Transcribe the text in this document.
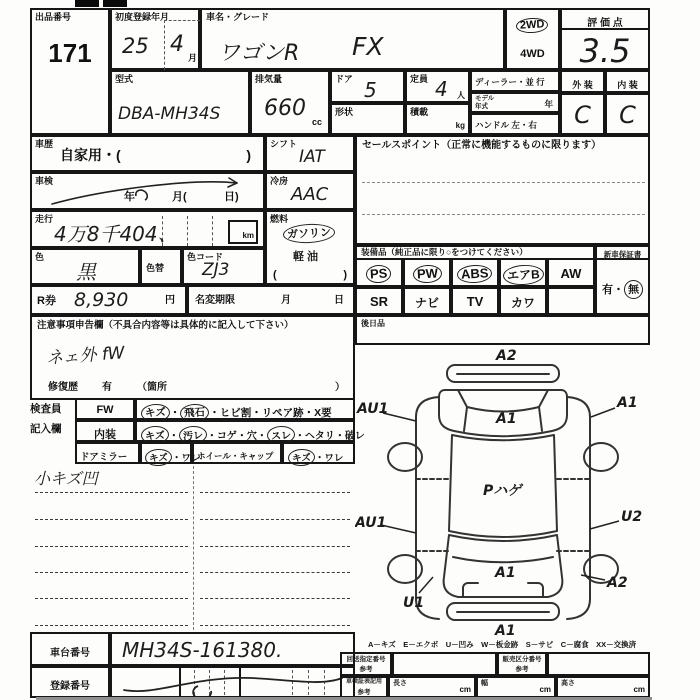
出品番号
171
初度登録年月
25 4
月
車名・グレード
ワゴンR FX
2WD
4WD
評 価 点
3.5
型式
DBA-MH34S
排気量
660
cc
ドア 5	定員 4 人
形状	積載
kg
ディーラー・並 行
モデル
年式	年
ハンドル 左・右
外 装	内 装
C	C
車歴
自家用・(	)
シフト
IAT
車検
年	月(	日)
冷房
AAC
走行
4万8千404、	km
燃料
ガソリン
軽 油
(	)
色
黒	色替
色コード
ZJ3
R券 8,930	円 名変期限	月	日
注意事項申告欄（不具合内容等は具体的に記入して下さい）
ネェ外 fW
修復歴 有	（箇所	）
検査員
記入欄
FW	キズ ・ 飛石 ・ヒビ割・リペア跡・X要
内装	キズ ・ 汚レ ・コゲ・穴・ スレ ・ヘタリ・破レ
ドアミラー	キズ ・ワレ
ホイール・キャップ	キズ ・ワレ
小キズ凹
車台番号	MH34S-161380.
登録番号
セールスポイント（正常に機能するものに限ります）
装備品（純正品に限り○をつけてください）	新車保証書
PS	PW	ABS	エアB	AW
SR	ナビ	TV	カワ
有・ 無
後日品
A2
A1
AU1	A1
Pハゲ
AU1	U2
U1
A2
A1
A1
A－キズ　E－エクボ　U－凹み　W－板金跡　S－サビ　C－腐食　XX－交換済
回送指定番号
参考
販売区分番号
参考
車検証表記用
参考
長さ
cm
幅
cm
高さ
cm
